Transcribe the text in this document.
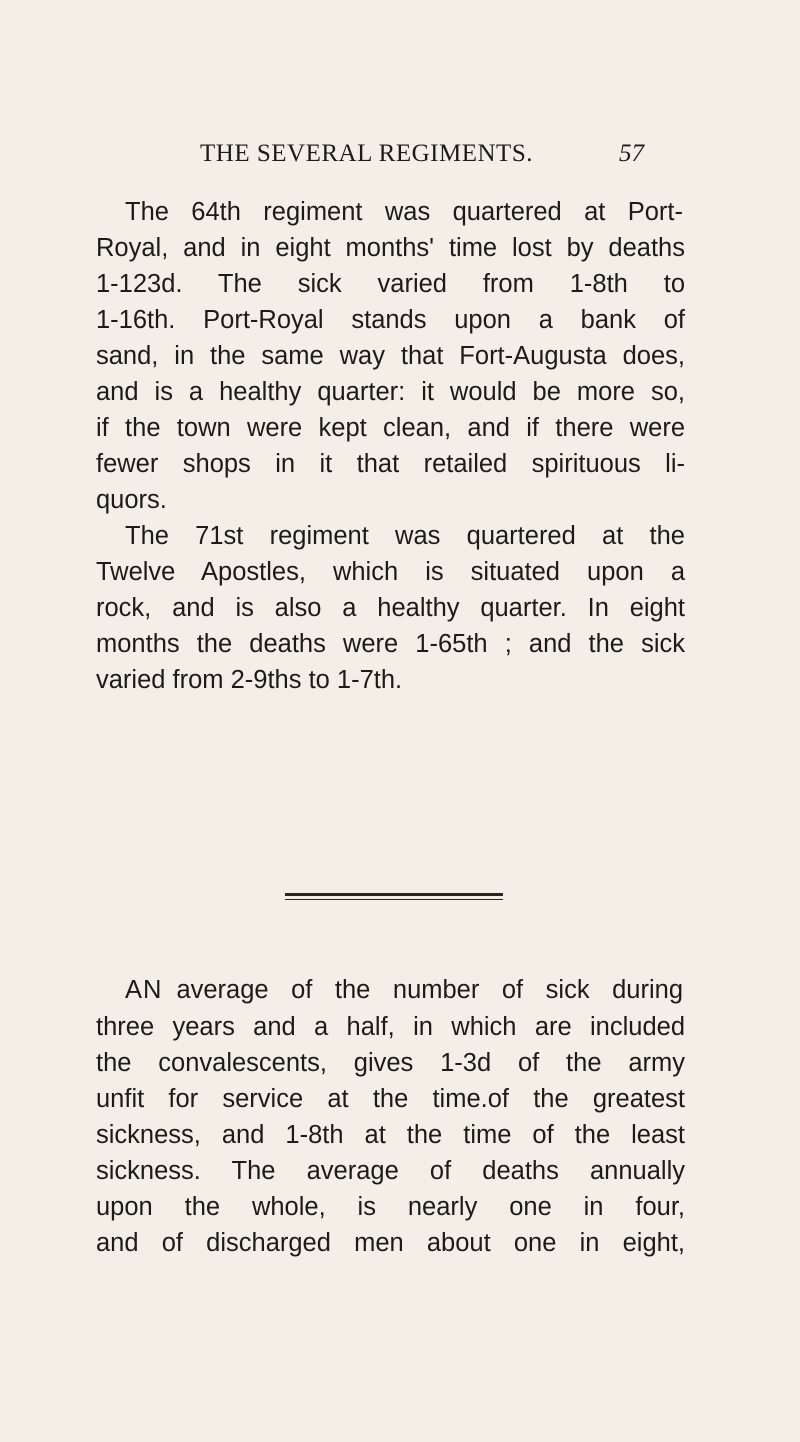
THE SEVERAL REGIMENTS.	57
The 64th regiment was quartered at Port-
Royal, and in eight months' time lost by deaths
1-123d. The sick varied from 1-8th to
1-16th. Port-Royal stands upon a bank of
sand, in the same way that Fort-Augusta does,
and is a healthy quarter: it would be more so,
if the town were kept clean, and if there were
fewer shops in it that retailed spirituous li-
quors.
The 71st regiment was quartered at the
Twelve Apostles, which is situated upon a
rock, and is also a healthy quarter. In eight
months the deaths were 1-65th ; and the sick
varied from 2-9ths to 1-7th.
AN average of the number of sick during
three years and a half, in which are included
the convalescents, gives 1-3d of the army
unfit for service at the time.of the greatest
sickness, and 1-8th at the time of the least
sickness. The average of deaths annually
upon the whole, is nearly one in four,
and of discharged men about one in eight,
